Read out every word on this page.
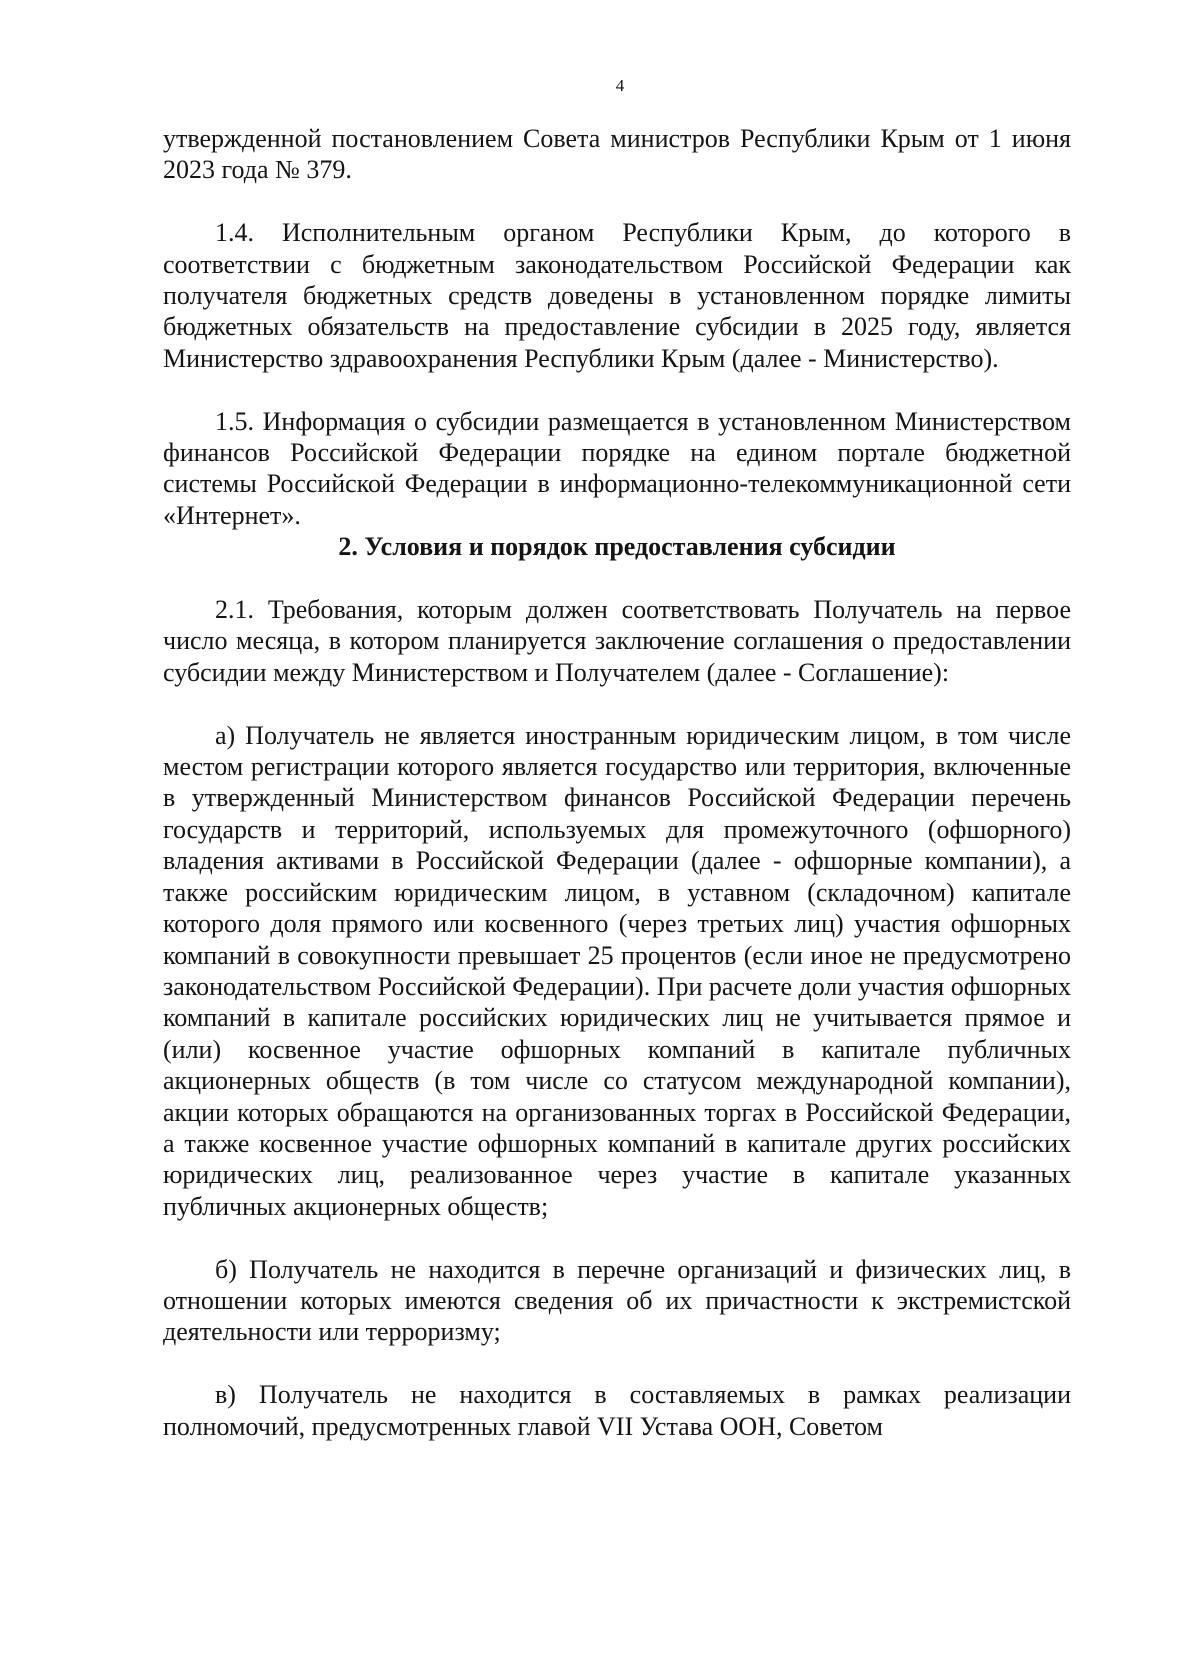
4

утвержденной постановлением Совета министров Республики Крым от 1 июня 2023 года № 379.

1.4. Исполнительным органом Республики Крым, до которого в соответствии с бюджетным законодательством Российской Федерации как получателя бюджетных средств доведены в установленном порядке лимиты бюджетных обязательств на предоставление субсидии в 2025 году, является Министерство здравоохранения Республики Крым (далее - Министерство).

1.5. Информация о субсидии размещается в установленном Министерством финансов Российской Федерации порядке на едином портале бюджетной системы Российской Федерации в информационно-телекоммуникационной сети «Интернет».

2. Условия и порядок предоставления субсидии

2.1. Требования, которым должен соответствовать Получатель на первое число месяца, в котором планируется заключение соглашения о предоставлении субсидии между Министерством и Получателем (далее - Соглашение):

а) Получатель не является иностранным юридическим лицом, в том числе местом регистрации которого является государство или территория, включенные в утвержденный Министерством финансов Российской Федерации перечень государств и территорий, используемых для промежуточного (офшорного) владения активами в Российской Федерации (далее - офшорные компании), а также российским юридическим лицом, в уставном (складочном) капитале которого доля прямого или косвенного (через третьих лиц) участия офшорных компаний в совокупности превышает 25 процентов (если иное не предусмотрено законодательством Российской Федерации). При расчете доли участия офшорных компаний в капитале российских юридических лиц не учитывается прямое и (или) косвенное участие офшорных компаний в капитале публичных акционерных обществ (в том числе со статусом международной компании), акции которых обращаются на организованных торгах в Российской Федерации, а также косвенное участие офшорных компаний в капитале других российских юридических лиц, реализованное через участие в капитале указанных публичных акционерных обществ;

б) Получатель не находится в перечне организаций и физических лиц, в отношении которых имеются сведения об их причастности к экстремистской деятельности или терроризму;

в) Получатель не находится в составляемых в рамках реализации полномочий, предусмотренных главой VII Устава ООН, Советом
